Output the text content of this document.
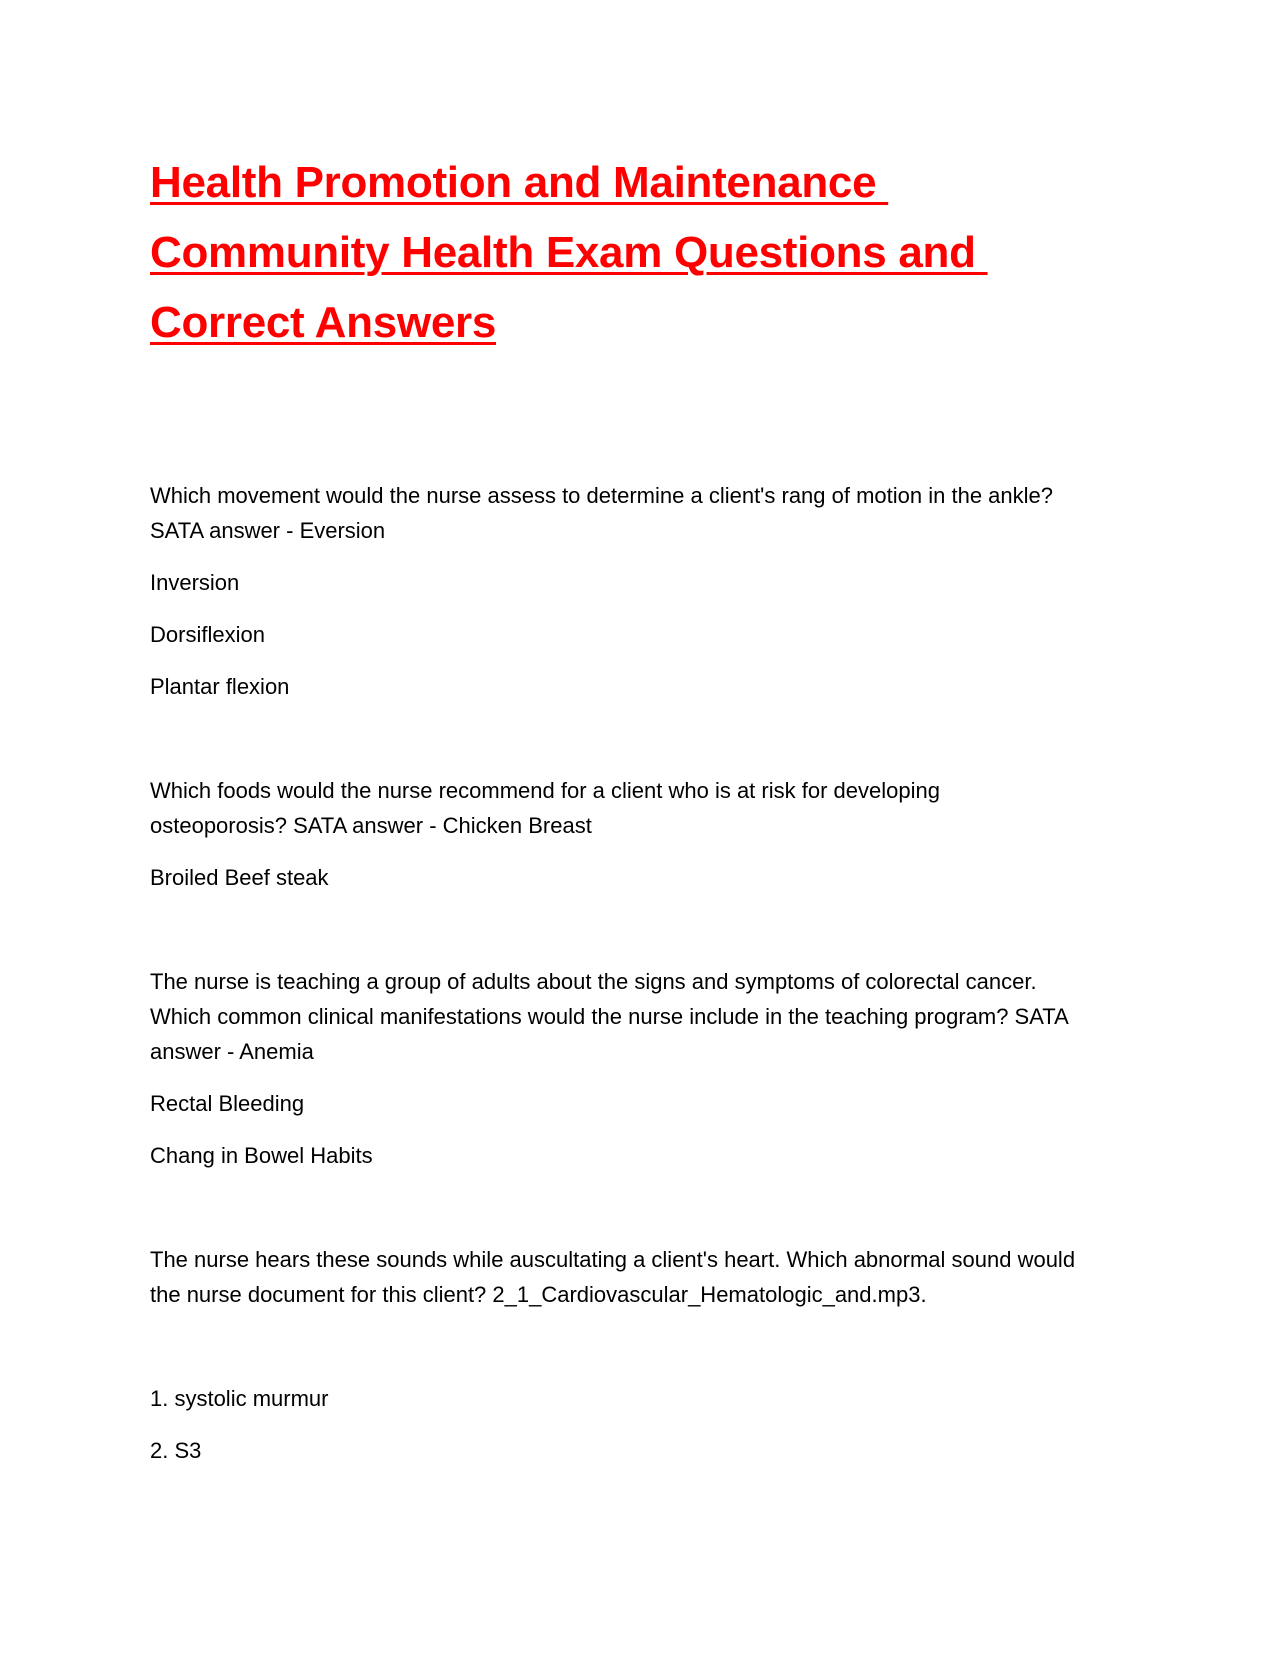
Health Promotion and Maintenance
Community Health Exam Questions and
Correct Answers

Which movement would the nurse assess to determine a client's rang of motion in the ankle?
SATA answer - Eversion

Inversion

Dorsiflexion

Plantar flexion

Which foods would the nurse recommend for a client who is at risk for developing
osteoporosis? SATA answer - Chicken Breast

Broiled Beef steak

The nurse is teaching a group of adults about the signs and symptoms of colorectal cancer.
Which common clinical manifestations would the nurse include in the teaching program? SATA
answer - Anemia

Rectal Bleeding

Chang in Bowel Habits

The nurse hears these sounds while auscultating a client's heart. Which abnormal sound would
the nurse document for this client? 2_1_Cardiovascular_Hematologic_and.mp3.

1. systolic murmur

2. S3
